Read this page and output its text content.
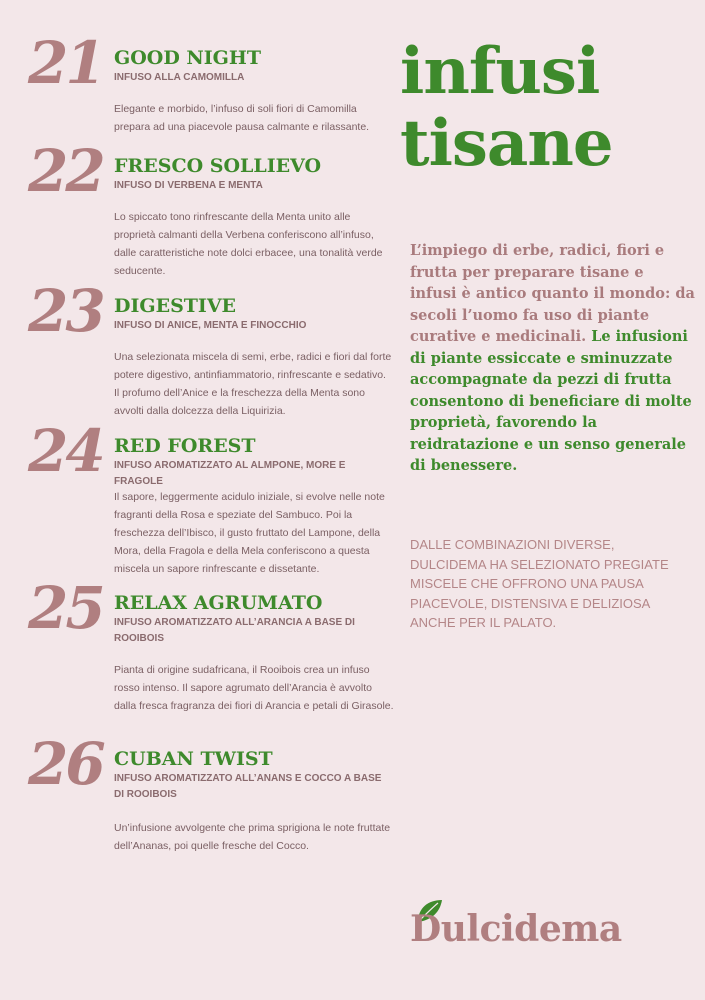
21 GOOD NIGHT
INFUSO ALLA CAMOMILLA
Elegante e morbido, l’infuso di soli fiori di Camomilla prepara ad una piacevole pausa calmante e rilassante.
22 FRESCO SOLLIEVO
INFUSO DI VERBENA E MENTA
Lo spiccato tono rinfrescante della Menta unito alle proprietà calmanti della Verbena conferiscono all’infuso, dalle caratteristiche note dolci erbacee, una tonalità verde seducente.
23 DIGESTIVE
INFUSO DI ANICE, MENTA E FINOCCHIO
Una selezionata miscela di semi, erbe, radici e fiori dal forte potere digestivo, antinfiammatorio, rinfrescante e sedativo. Il profumo dell’Anice e la freschezza della Menta sono avvolti dalla dolcezza della Liquirizia.
24 RED FOREST
INFUSO AROMATIZZATO AL ALMPONE, MORE E FRAGOLE
Il sapore, leggermente acidulo iniziale, si evolve nelle note fragranti della Rosa e speziate del Sambuco. Poi la freschezza dell’Ibisco, il gusto fruttato del Lampone, della Mora, della Fragola e della Mela conferiscono a questa miscela un sapore rinfrescante e dissetante.
25 RELAX AGRUMATO
INFUSO AROMATIZZATO ALL’ARANCIA A BASE DI ROOIBOIS
Pianta di origine sudafricana, il Rooibois crea un infuso rosso intenso. Il sapore agrumato dell’Arancia è avvolto dalla fresca fragranza dei fiori di Arancia e petali di Girasole.
26 CUBAN TWIST
INFUSO AROMATIZZATO ALL’ANANS E COCCO A BASE DI ROOIBOIS
Un’infusione avvolgente che prima sprigiona le note fruttate dell’Ananas, poi quelle fresche del Cocco.
infusi
tisane
L’impiego di erbe, radici, fiori e frutta per preparare tisane e infusi è antico quanto il mondo: da secoli l’uomo fa uso di piante curative e medicinali. Le infusioni di piante essiccate e sminuzzate accompagnate da pezzi di frutta consentono di beneficiare di molte proprietà, favorendo la reidratazione e un senso generale di benessere.
DALLE COMBINAZIONI DIVERSE, DULCIDEMA HA SELEZIONATO PREGIATE MISCELE CHE OFFRONO UNA PAUSA PIACEVOLE, DISTENSIVA E DELIZIOSA ANCHE PER IL PALATO.
Dulcidema
